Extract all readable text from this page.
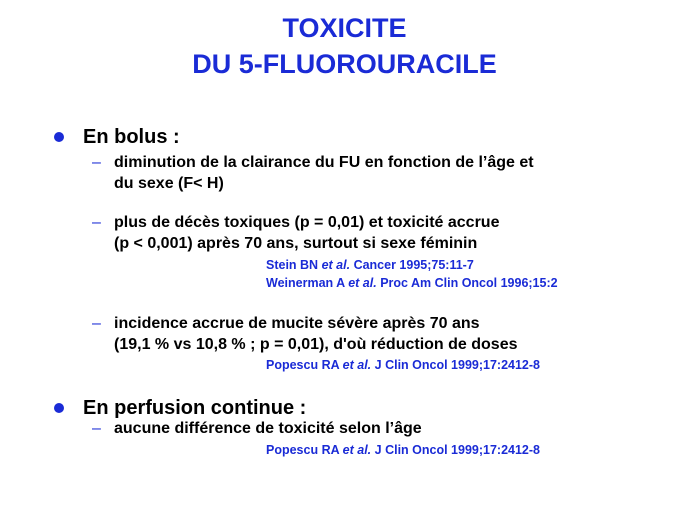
TOXICITE
DU 5-FLUOROURACILE
En bolus :
– diminution de la clairance du FU en fonction de l’âge et
du sexe (F< H)
– plus de décès toxiques (p = 0,01) et toxicité accrue
(p < 0,001) après 70 ans, surtout si sexe féminin
Stein BN et al. Cancer 1995;75:11-7
Weinerman A et al. Proc Am Clin Oncol 1996;15:2
– incidence accrue de mucite sévère après 70 ans
(19,1 % vs 10,8 % ; p = 0,01), d'où réduction de doses
Popescu RA et al. J Clin Oncol 1999;17:2412-8
En perfusion continue :
– aucune différence de toxicité selon l’âge
Popescu RA et al. J Clin Oncol 1999;17:2412-8
